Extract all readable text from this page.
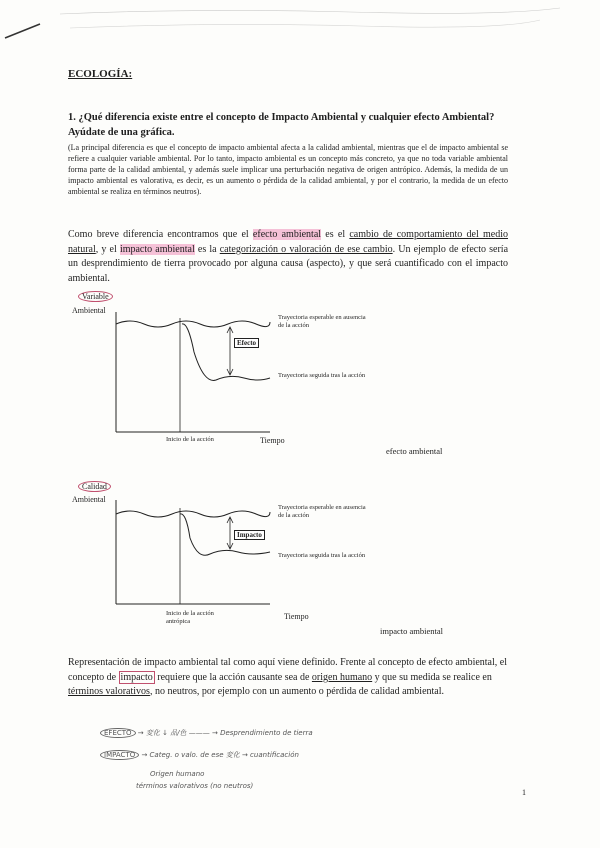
ECOLOGÍA:
1. ¿Qué diferencia existe entre el concepto de Impacto Ambiental y cualquier efecto Ambiental? Ayúdate de una gráfica.
(La principal diferencia es que el concepto de impacto ambiental afecta a la calidad ambiental, mientras que el de impacto ambiental se refiere a cualquier variable ambiental. Por lo tanto, impacto ambiental es un concepto más concreto, ya que no toda variable ambiental forma parte de la calidad ambiental, y además suele implicar una perturbación negativa de origen antrópico. Además, la medida de un impacto ambiental es valorativa, es decir, es un aumento o pérdida de la calidad ambiental, y por el contrario, la medida de un efecto ambiental se realiza en términos neutros).
Como breve diferencia encontramos que el efecto ambiental es el cambio de comportamiento del medio natural, y el impacto ambiental es la categorización o valoración de ese cambio. Un ejemplo de efecto sería un desprendimiento de tierra provocado por alguna causa (aspecto), y que será cuantificado con el impacto ambiental.
Variable
Ambiental
Trayectoria esperable en ausencia de la acción
Efecto
Trayectoria seguida tras la acción
Inicio de la acción	Tiempo
efecto ambiental
Calidad
Ambiental
Trayectoria esperable en ausencia de la acción
Impacto
Trayectoria seguida tras la acción
Inicio de la acción antrópica
Tiempo
impacto ambiental
Representación de impacto ambiental tal como aquí viene definido. Frente al concepto de efecto ambiental, el concepto de impacto requiere que la acción causante sea de origen humano y que su medida se realice en términos valorativos, no neutros, por ejemplo con un aumento o pérdida de calidad ambiental.
EFECTO → 変化 ↓ 品/色 ——— → Desprendimiento de tierra
IMPACTO → Categ. o valo. de ese 変化 → cuantificación
Origen humano
términos valorativos (no neutros)
1
